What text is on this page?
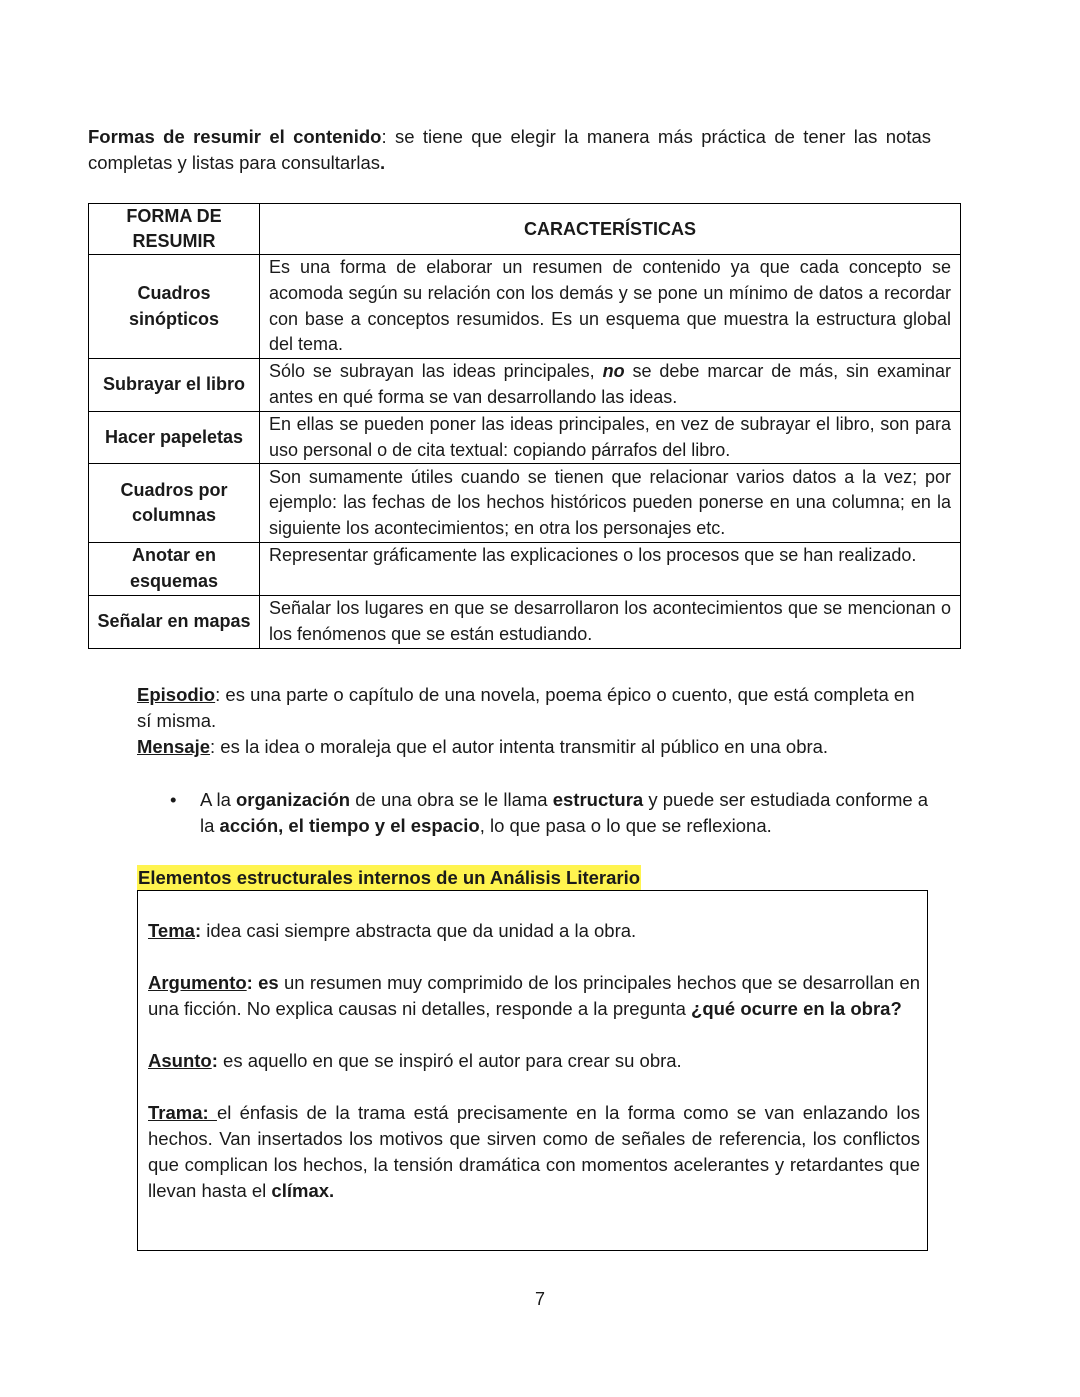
Formas de resumir el contenido: se tiene que elegir la manera más práctica de tener las notas completas y listas para consultarlas.
FORMA DE RESUMIR	CARACTERÍSTICAS
Cuadros sinópticos	Es una forma de elaborar un resumen de contenido ya que cada concepto se acomoda según su relación con los demás y se pone un mínimo de datos a recordar con base a conceptos resumidos. Es un esquema que muestra la estructura global del tema.
Subrayar el libro	Sólo se subrayan las ideas principales, no se debe marcar de más, sin examinar antes en qué forma se van desarrollando las ideas.
Hacer papeletas	En ellas se pueden poner las ideas principales, en vez de subrayar el libro, son para uso personal o de cita textual: copiando párrafos del libro.
Cuadros por columnas	Son sumamente útiles cuando se tienen que relacionar varios datos a la vez; por ejemplo: las fechas de los hechos históricos pueden ponerse en una columna; en la siguiente los acontecimientos; en otra los personajes etc.
Anotar en esquemas	Representar gráficamente las explicaciones o los procesos que se han realizado.
Señalar en mapas	Señalar los lugares en que se desarrollaron los acontecimientos que se mencionan o los fenómenos que se están estudiando.
Episodio: es una parte o capítulo de una novela, poema épico o cuento, que está completa en sí misma.
Mensaje: es la idea o moraleja que el autor intenta transmitir al público en una obra.
• A la organización de una obra se le llama estructura y puede ser estudiada conforme a la acción, el tiempo y el espacio, lo que pasa o lo que se reflexiona.
Elementos estructurales internos de un Análisis Literario

Tema: idea casi siempre abstracta que da unidad a la obra.

Argumento: es un resumen muy comprimido de los principales hechos que se desarrollan en una ficción. No explica causas ni detalles, responde a la pregunta ¿qué ocurre en la obra?

Asunto: es aquello en que se inspiró el autor para crear su obra.

Trama: el énfasis de la trama está precisamente en la forma como se van enlazando los hechos. Van insertados los motivos que sirven como de señales de referencia, los conflictos que complican los hechos, la tensión dramática con momentos acelerantes y retardantes que llevan hasta el clímax.

7
